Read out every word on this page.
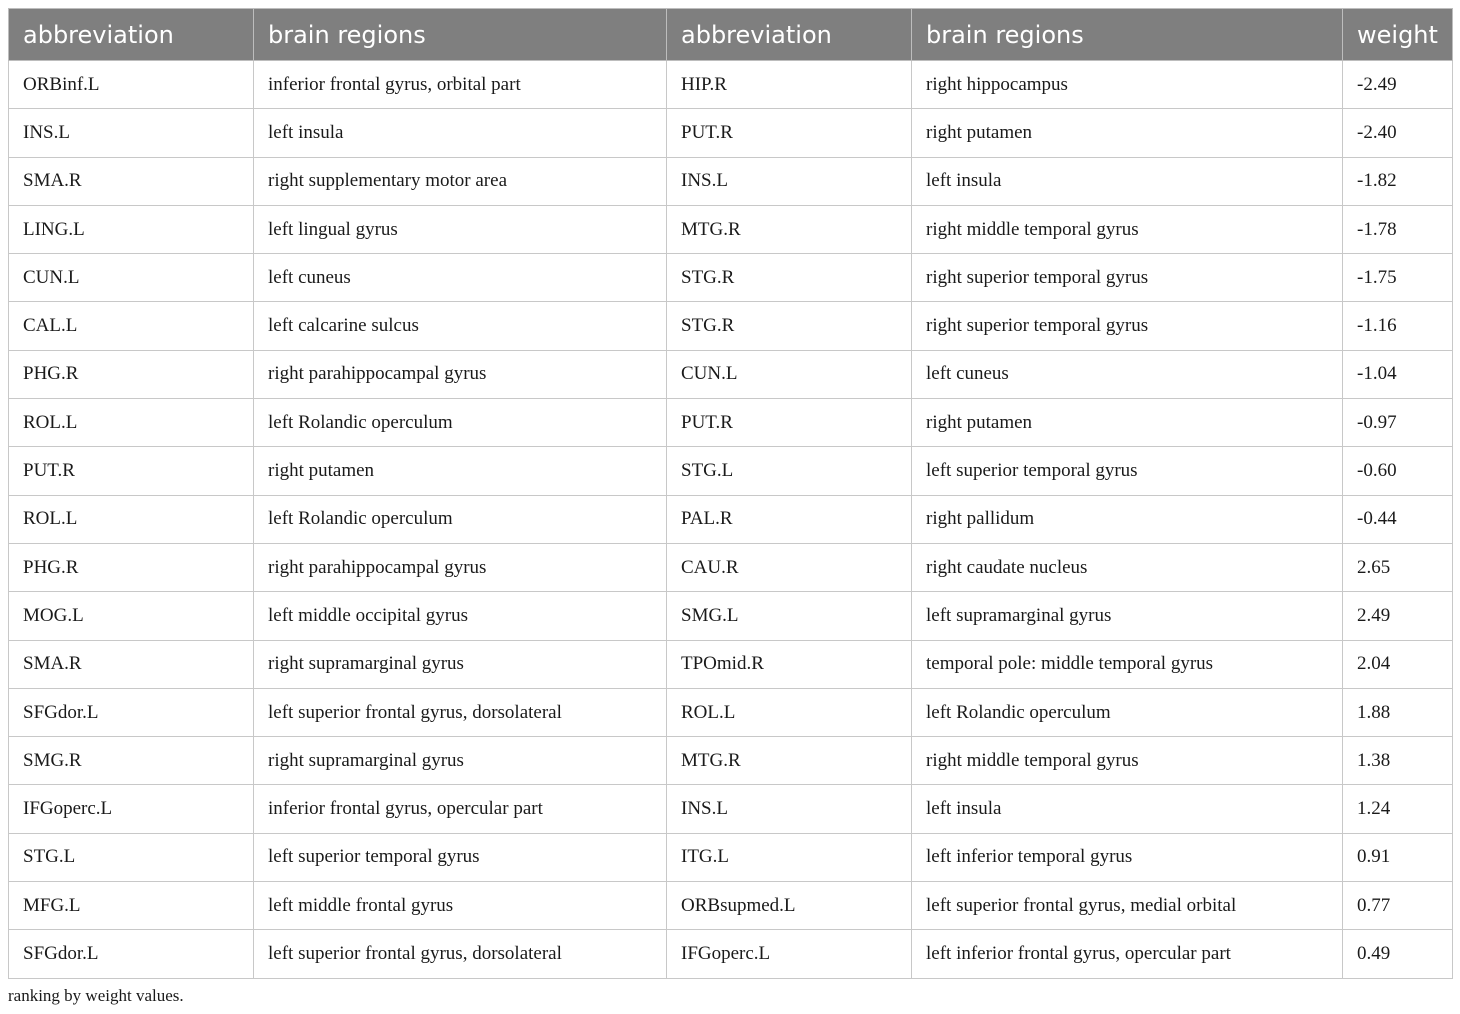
abbreviation	brain regions	abbreviation	brain regions	weight
ORBinf.L	inferior frontal gyrus, orbital part	HIP.R	right hippocampus	-2.49
INS.L	left insula	PUT.R	right putamen	-2.40
SMA.R	right supplementary motor area	INS.L	left insula	-1.82
LING.L	left lingual gyrus	MTG.R	right middle temporal gyrus	-1.78
CUN.L	left cuneus	STG.R	right superior temporal gyrus	-1.75
CAL.L	left calcarine sulcus	STG.R	right superior temporal gyrus	-1.16
PHG.R	right parahippocampal gyrus	CUN.L	left cuneus	-1.04
ROL.L	left Rolandic operculum	PUT.R	right putamen	-0.97
PUT.R	right putamen	STG.L	left superior temporal gyrus	-0.60
ROL.L	left Rolandic operculum	PAL.R	right pallidum	-0.44
PHG.R	right parahippocampal gyrus	CAU.R	right caudate nucleus	2.65
MOG.L	left middle occipital gyrus	SMG.L	left supramarginal gyrus	2.49
SMA.R	right supramarginal gyrus	TPOmid.R	temporal pole: middle temporal gyrus	2.04
SFGdor.L	left superior frontal gyrus, dorsolateral	ROL.L	left Rolandic operculum	1.88
SMG.R	right supramarginal gyrus	MTG.R	right middle temporal gyrus	1.38
IFGoperc.L	inferior frontal gyrus, opercular part	INS.L	left insula	1.24
STG.L	left superior temporal gyrus	ITG.L	left inferior temporal gyrus	0.91
MFG.L	left middle frontal gyrus	ORBsupmed.L	left superior frontal gyrus, medial orbital	0.77
SFGdor.L	left superior frontal gyrus, dorsolateral	IFGoperc.L	left inferior frontal gyrus, opercular part	0.49
ranking by weight values.
